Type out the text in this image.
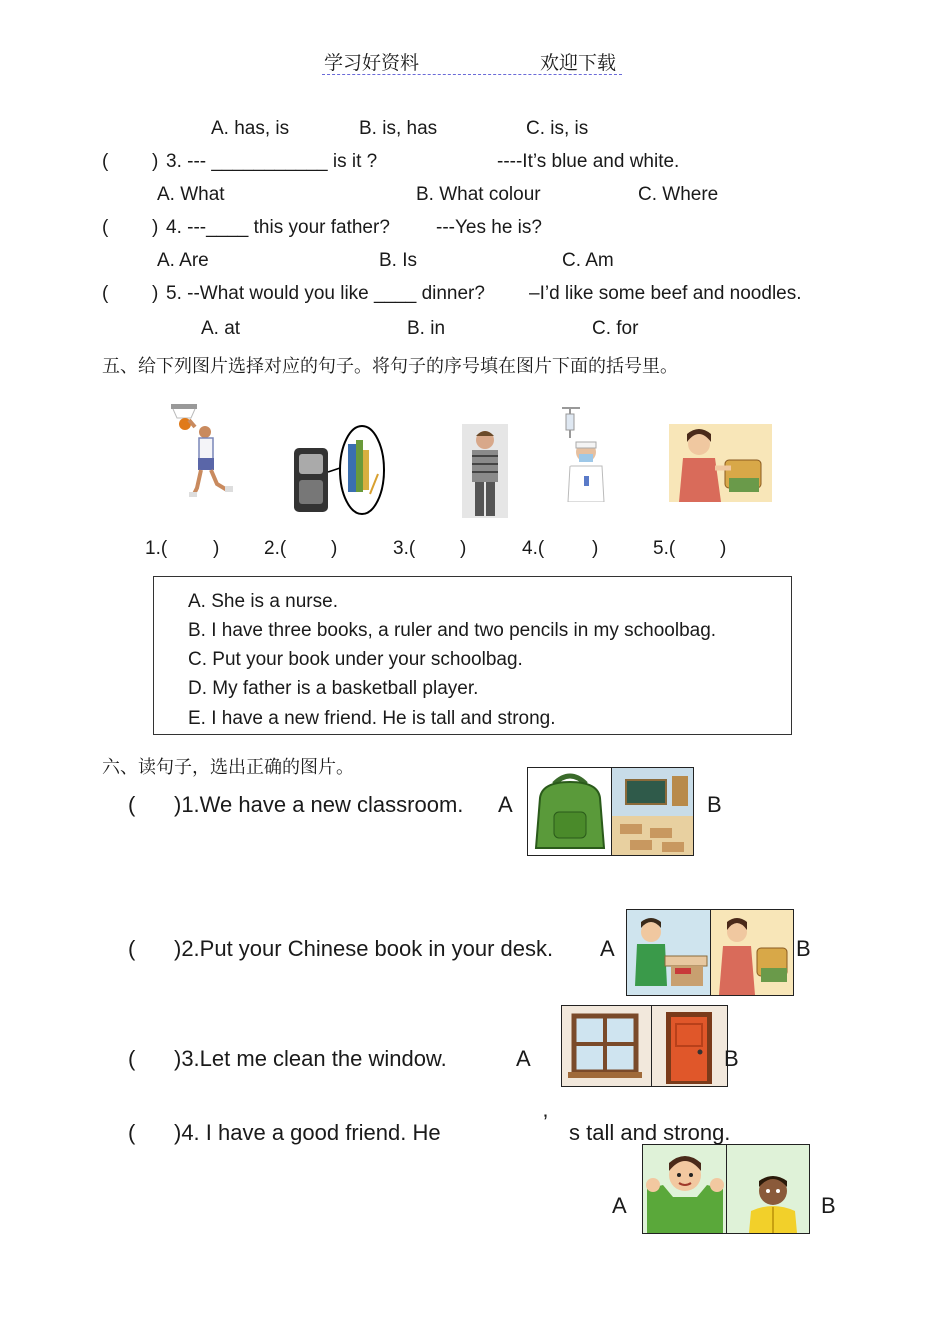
学习好资料	欢迎下载
A. has, is	B. is, has	C. is, is
( ) 3. --- ___________ is it ?	----It’s blue and white.
A. What	B. What colour	C. Where
( ) 4. ---____ this your father? ---Yes he is?
A. Are	B. Is	C. Am
( ) 5. --What would you like ____ dinner? –I’d like some beef and noodles.
A. at	B. in	C. for
五、给下列图片选择对应的句子。将句子的序号填在图片下面的括号里。
1.( ) 2.( )	3.( )	4.(	)	5.( )
A. She is a nurse.
B. I have three books, a ruler and two pencils in my schoolbag.
C. Put your book under your schoolbag.
D. My father is a basketball player.
E. I have a new friend. He is tall and strong.
六、读句子，选出正确的图片。
( )1.We have a new classroom. A	B
( )2.Put your Chinese book in your desk. A	B
( )3.Let me clean the window.	A	B
( )4. I have a good friend. He	’ s tall and strong.
A	B
